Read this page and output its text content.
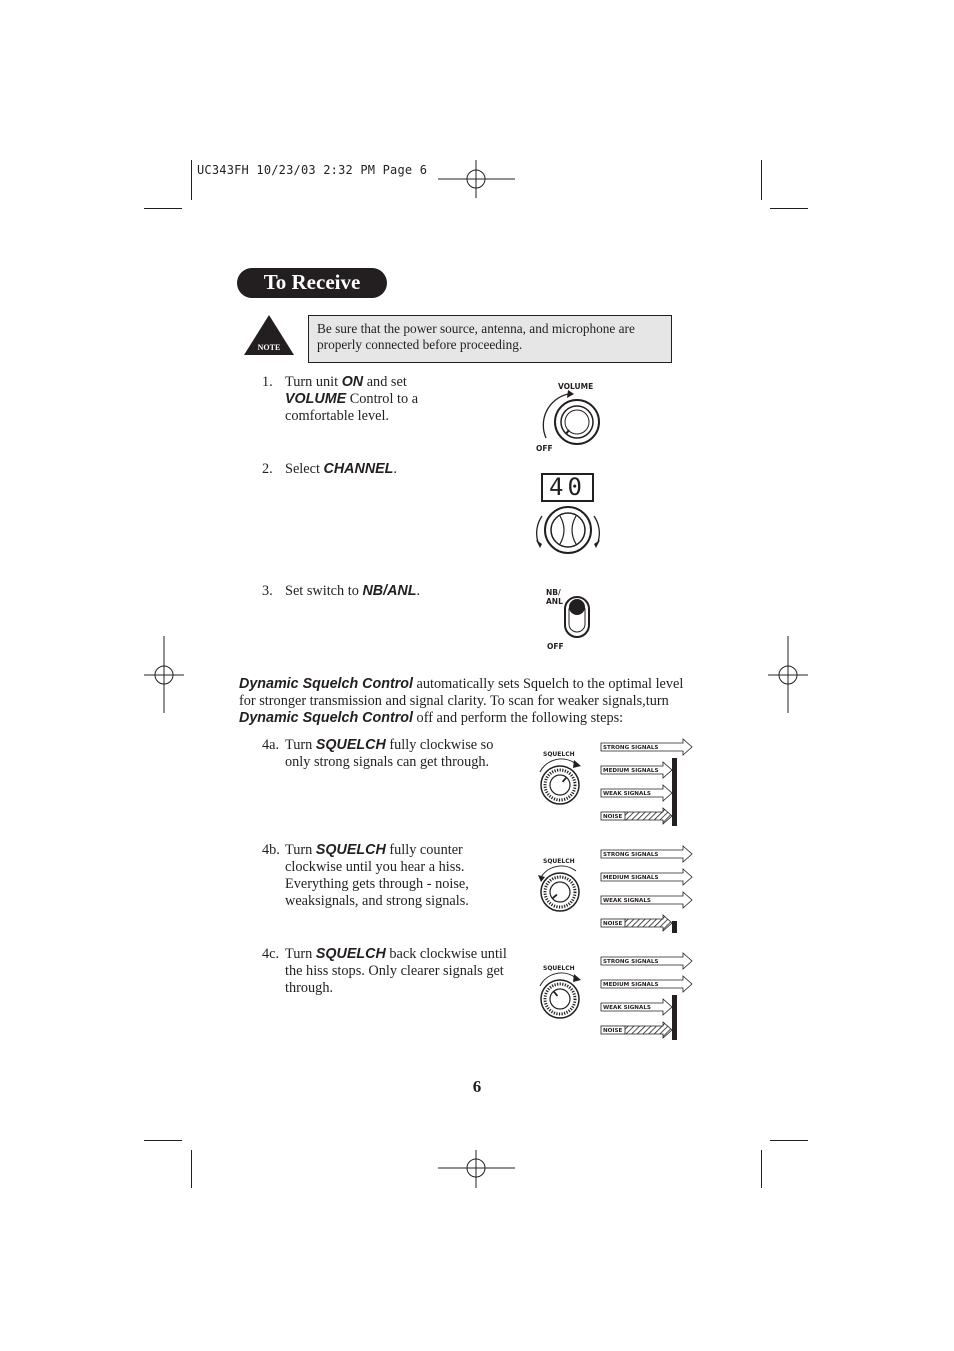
UC343FH 10/23/03 2:32 PM Page 6
To Receive
NOTE
Be sure that the power source, antenna, and microphone are properly connected before proceeding.
1. Turn unit ON and set
VOLUME Control to a
comfortable level.
2. Select CHANNEL.
3. Set switch to NB/ANL.
VOLUME
OFF
40
NB/
ANL
OFF
Dynamic Squelch Control automatically sets Squelch to the optimal level
for stronger transmission and signal clarity. To scan for weaker signals,turn
Dynamic Squelch Control off and perform the following steps:
4a. Turn SQUELCH fully clockwise so
only strong signals can get through.
4b. Turn SQUELCH fully counter
clockwise until you hear a hiss.
Everything gets through - noise,
weaksignals, and strong signals.
4c. Turn SQUELCH back clockwise until
the hiss stops. Only clearer signals get
through.
SQUELCH
STRONG SIGNALS
MEDIUM SIGNALS
WEAK SIGNALS
NOISE
SQUELCH
STRONG SIGNALS
MEDIUM SIGNALS
WEAK SIGNALS
NOISE
SQUELCH
STRONG SIGNALS
MEDIUM SIGNALS
WEAK SIGNALS
NOISE
6
